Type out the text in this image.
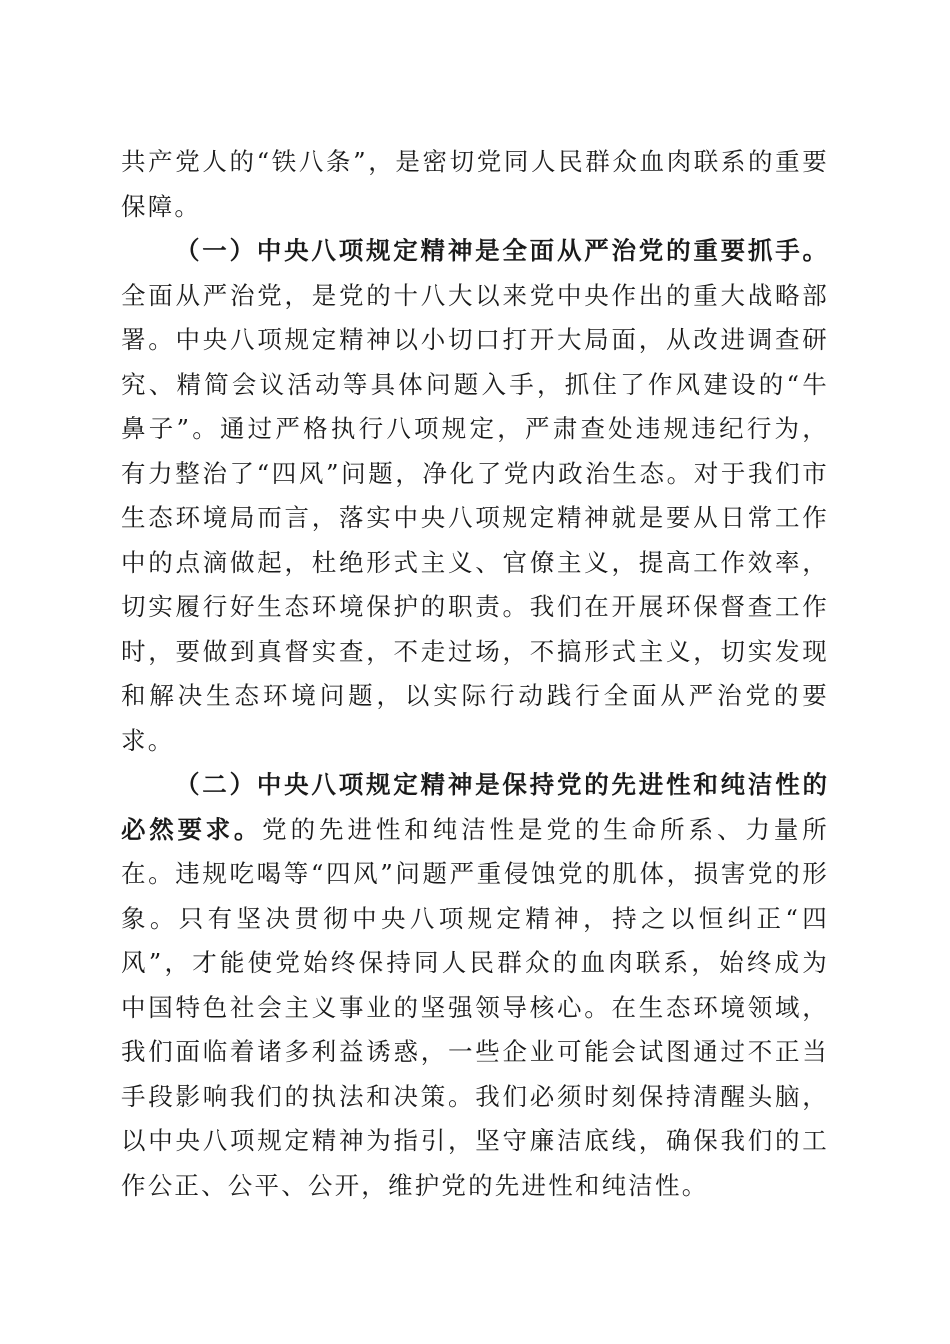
共产党人的“铁八条”，是密切党同人民群众血肉联系的重要保障。

（一）中央八项规定精神是全面从严治党的重要抓手。全面从严治党，是党的十八大以来党中央作出的重大战略部署。中央八项规定精神以小切口打开大局面，从改进调查研究、精简会议活动等具体问题入手，抓住了作风建设的“牛鼻子”。通过严格执行八项规定，严肃查处违规违纪行为，有力整治了“四风”问题，净化了党内政治生态。对于我们市生态环境局而言，落实中央八项规定精神就是要从日常工作中的点滴做起，杜绝形式主义、官僚主义，提高工作效率，切实履行好生态环境保护的职责。我们在开展环保督查工作时，要做到真督实查，不走过场，不搞形式主义，切实发现和解决生态环境问题，以实际行动践行全面从严治党的要求。

（二）中央八项规定精神是保持党的先进性和纯洁性的必然要求。党的先进性和纯洁性是党的生命所系、力量所在。违规吃喝等“四风”问题严重侵蚀党的肌体，损害党的形象。只有坚决贯彻中央八项规定精神，持之以恒纠正“四风”，才能使党始终保持同人民群众的血肉联系，始终成为中国特色社会主义事业的坚强领导核心。在生态环境领域，我们面临着诸多利益诱惑，一些企业可能会试图通过不正当手段影响我们的执法和决策。我们必须时刻保持清醒头脑，以中央八项规定精神为指引，坚守廉洁底线，确保我们的工作公正、公平、公开，维护党的先进性和纯洁性。
